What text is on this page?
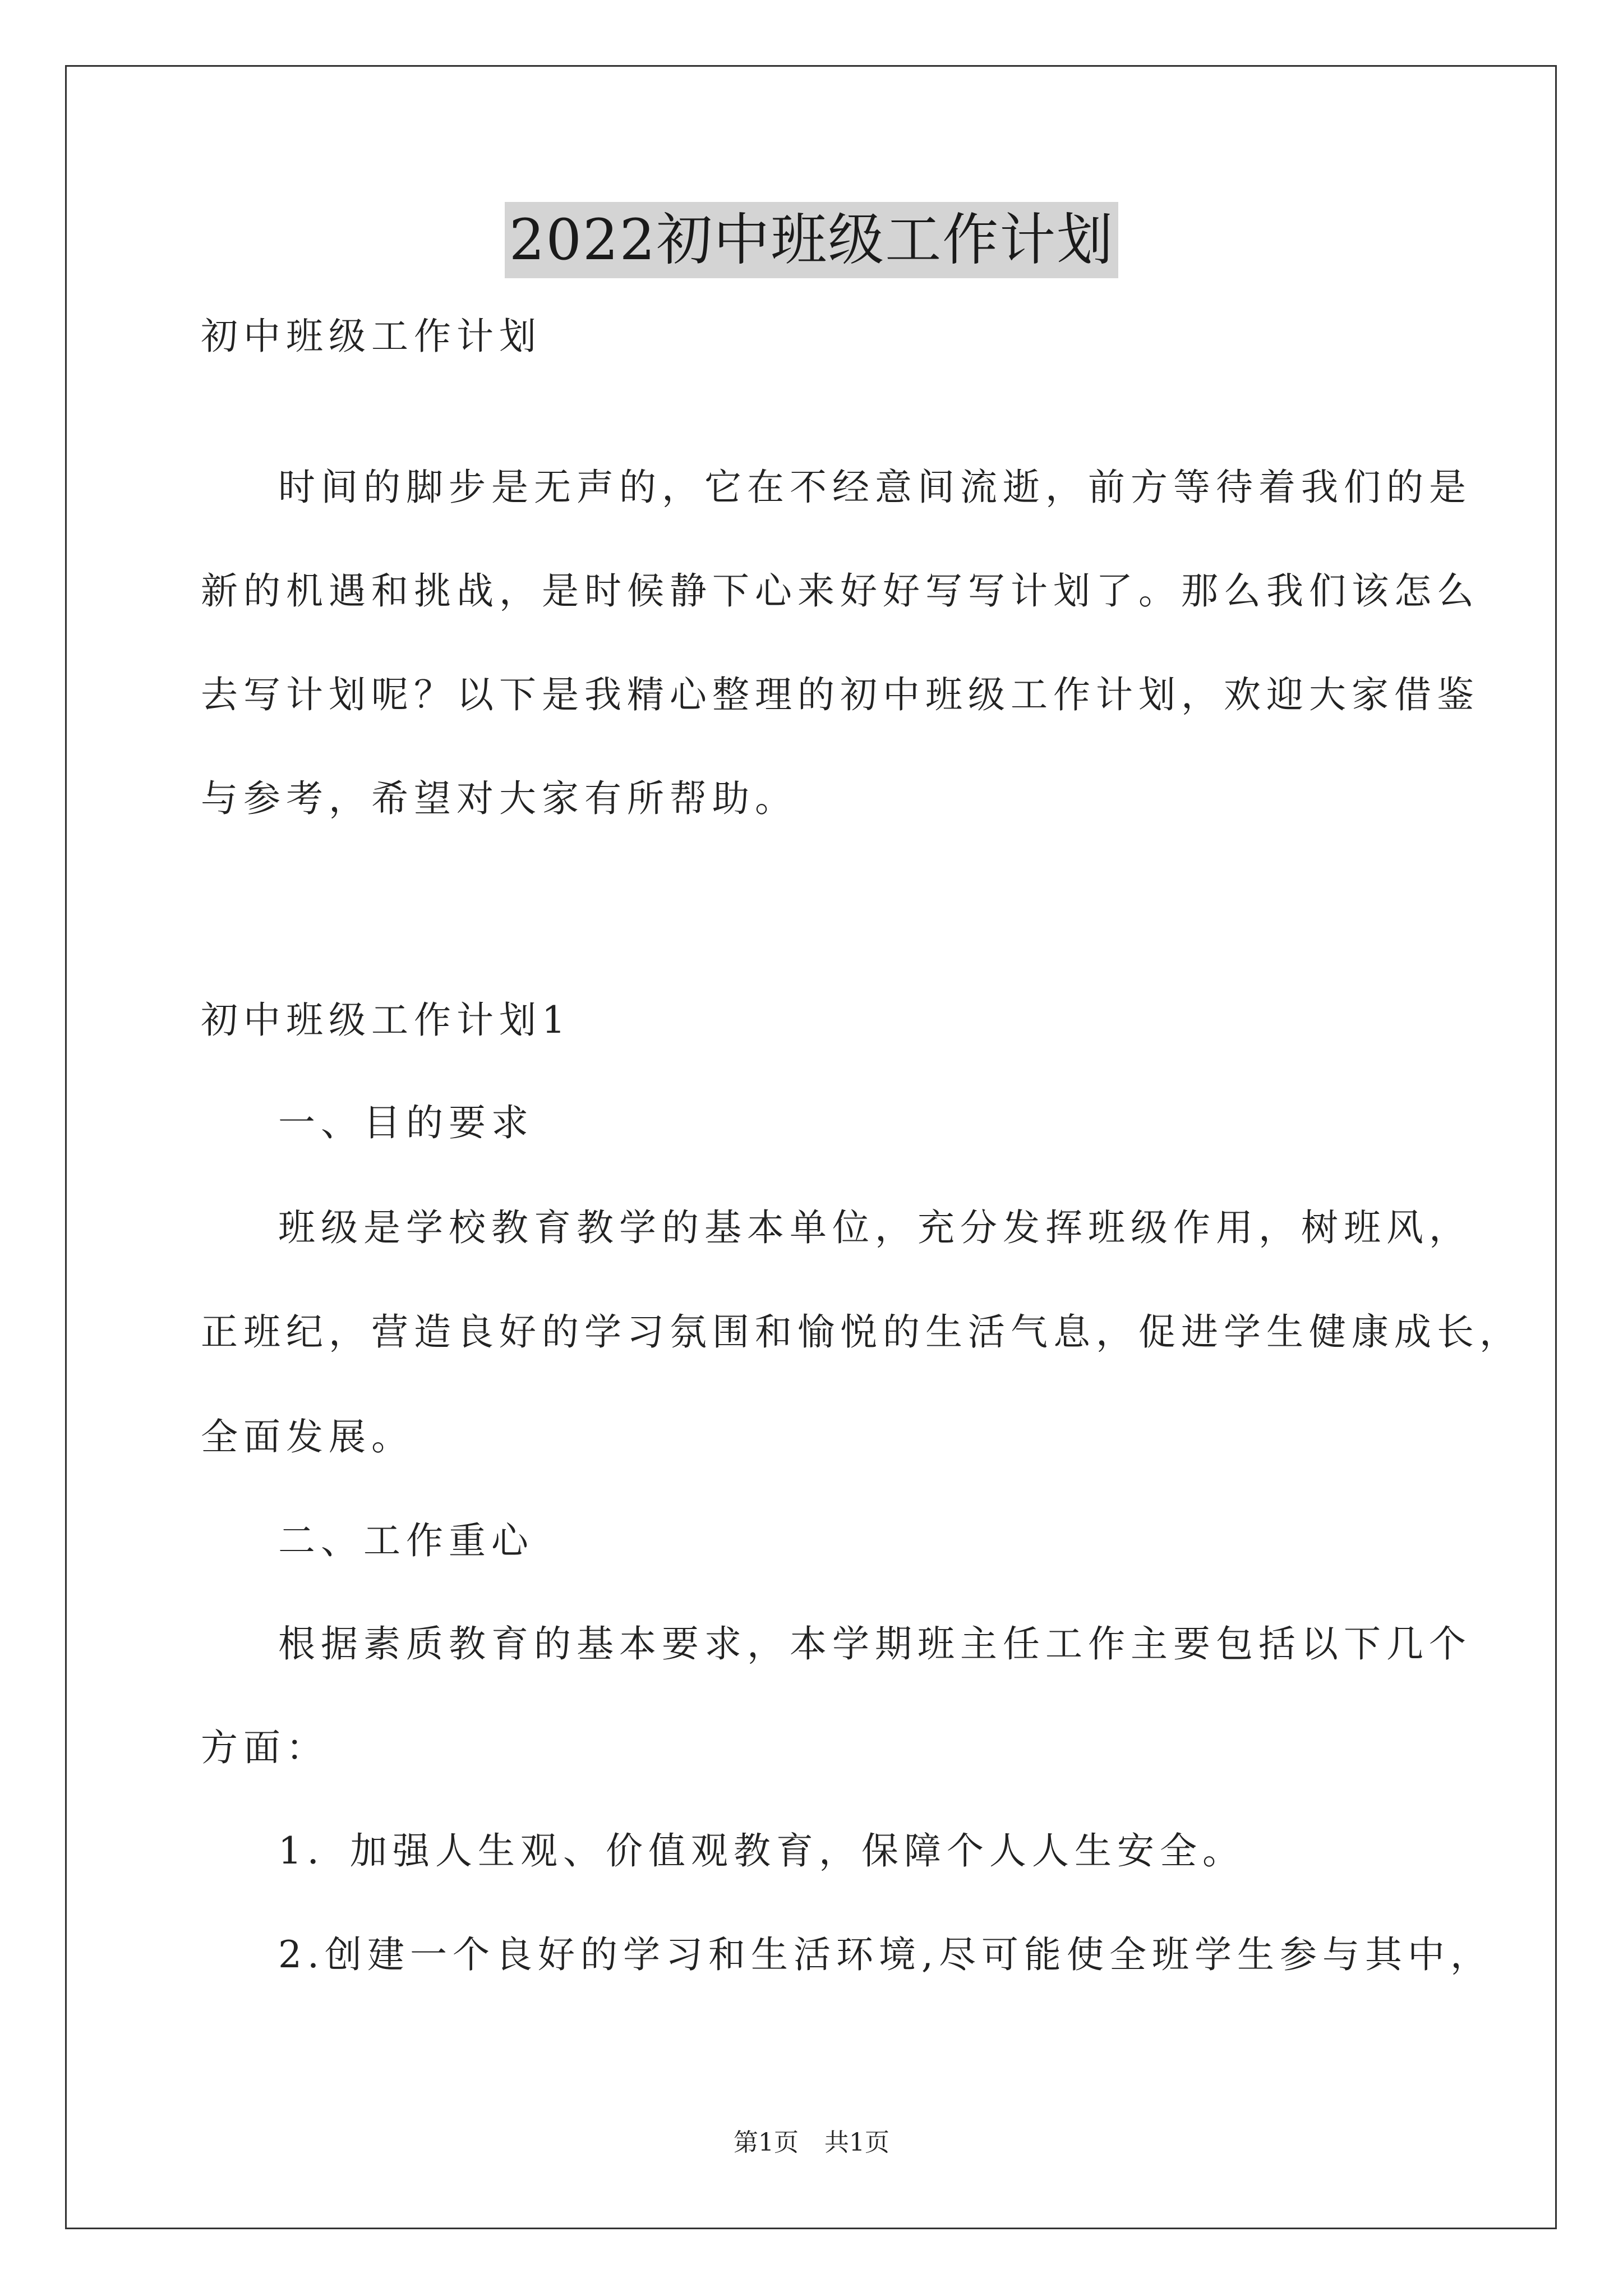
2022初中班级工作计划
初中班级工作计划
时间的脚步是无声的，它在不经意间流逝，前方等待着我们的是
新的机遇和挑战，是时候静下心来好好写写计划了。那么我们该怎么
去写计划呢？以下是我精心整理的初中班级工作计划，欢迎大家借鉴
与参考，希望对大家有所帮助。
初中班级工作计划1
一、目的要求
班级是学校教育教学的基本单位，充分发挥班级作用，树班风，
正班纪，营造良好的学习氛围和愉悦的生活气息，促进学生健康成长，
全面发展。
二、工作重心
根据素质教育的基本要求，本学期班主任工作主要包括以下几个
方面：
1．加强人生观、价值观教育，保障个人人生安全。
2.创建一个良好的学习和生活环境,尽可能使全班学生参与其中，
第1页 共1页
